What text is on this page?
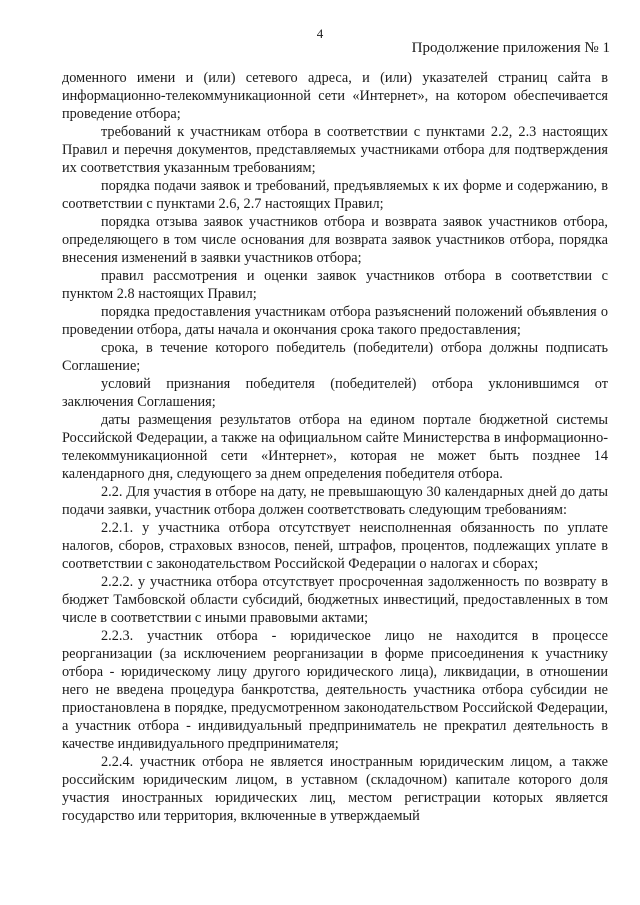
4
Продолжение приложения № 1

доменного имени и (или) сетевого адреса, и (или) указателей страниц сайта в информационно-телекоммуникационной сети «Интернет», на котором обеспечивается проведение отбора;

требований к участникам отбора в соответствии с пунктами 2.2, 2.3 настоящих Правил и перечня документов, представляемых участниками отбора для подтверждения их соответствия указанным требованиям;

порядка подачи заявок и требований, предъявляемых к их форме и содержанию, в соответствии с пунктами 2.6, 2.7 настоящих Правил;

порядка отзыва заявок участников отбора и возврата заявок участников отбора, определяющего в том числе основания для возврата заявок участников отбора, порядка внесения изменений в заявки участников отбора;

правил рассмотрения и оценки заявок участников отбора в соответствии с пунктом 2.8 настоящих Правил;

порядка предоставления участникам отбора разъяснений положений объявления о проведении отбора, даты начала и окончания срока такого предоставления;

срока, в течение которого победитель (победители) отбора должны подписать Соглашение;

условий признания победителя (победителей) отбора уклонившимся от заключения Соглашения;

даты размещения результатов отбора на едином портале бюджетной системы Российской Федерации, а также на официальном сайте Министерства в информационно-телекоммуникационной сети «Интернет», которая не может быть позднее 14 календарного дня, следующего за днем определения победителя отбора.

2.2. Для участия в отборе на дату, не превышающую 30 календарных дней до даты подачи заявки, участник отбора должен соответствовать следующим требованиям:

2.2.1. у участника отбора отсутствует неисполненная обязанность по уплате налогов, сборов, страховых взносов, пеней, штрафов, процентов, подлежащих уплате в соответствии с законодательством Российской Федерации о налогах и сборах;

2.2.2. у участника отбора отсутствует просроченная задолженность по возврату в бюджет Тамбовской области субсидий, бюджетных инвестиций, предоставленных в том числе в соответствии с иными правовыми актами;

2.2.3. участник отбора - юридическое лицо не находится в процессе реорганизации (за исключением реорганизации в форме присоединения к участнику отбора - юридическому лицу другого юридического лица), ликвидации, в отношении него не введена процедура банкротства, деятельность участника отбора субсидии не приостановлена в порядке, предусмотренном законодательством Российской Федерации, а участник отбора - индивидуальный предприниматель не прекратил деятельность в качестве индивидуального предпринимателя;

2.2.4. участник отбора не является иностранным юридическим лицом, а также российским юридическим лицом, в уставном (складочном) капитале которого доля участия иностранных юридических лиц, местом регистрации которых является государство или территория, включенные в утверждаемый
